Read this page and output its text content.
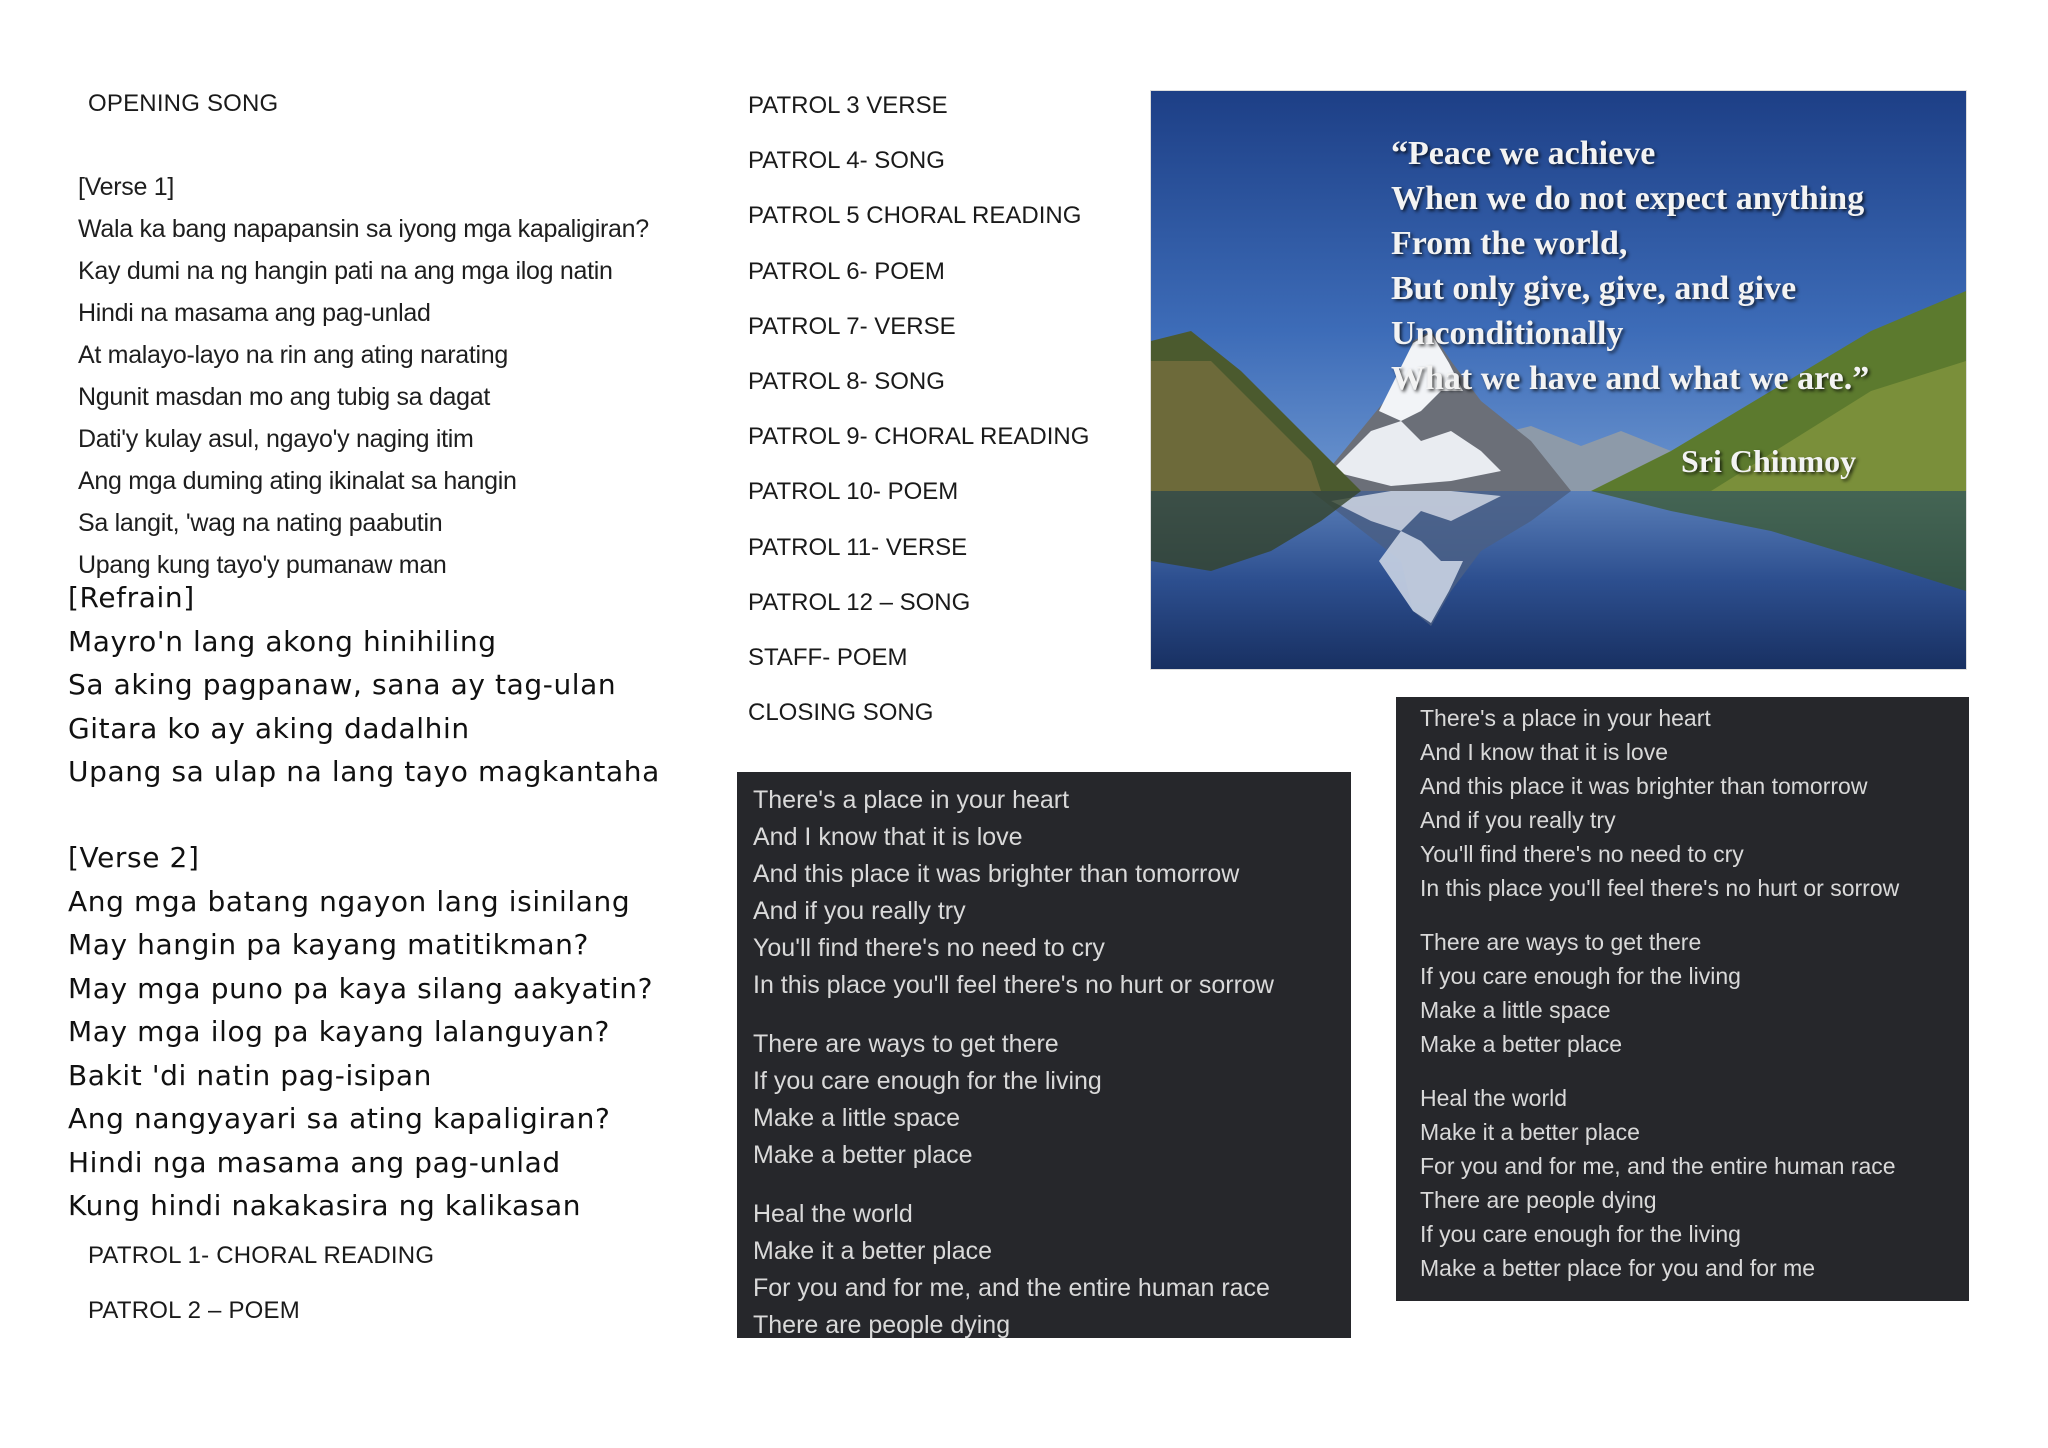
OPENING SONG

[Verse 1]

Wala ka bang napapansin sa iyong mga kapaligiran?

Kay dumi na ng hangin pati na ang mga ilog natin

Hindi na masama ang pag-unlad

At malayo-layo na rin ang ating narating

Ngunit masdan mo ang tubig sa dagat

Dati'y kulay asul, ngayo'y naging itim

Ang mga duming ating ikinalat sa hangin

Sa langit, 'wag na nating paabutin

Upang kung tayo'y pumanaw man

[Refrain]

Mayro'n lang akong hinihiling

Sa aking pagpanaw, sana ay tag-ulan

Gitara ko ay aking dadalhin

Upang sa ulap na lang tayo magkantaha

[Verse 2]

Ang mga batang ngayon lang isinilang

May hangin pa kayang matitikman?

May mga puno pa kaya silang aakyatin?

May mga ilog pa kayang lalanguyan?

Bakit 'di natin pag-isipan

Ang nangyayari sa ating kapaligiran?

Hindi nga masama ang pag-unlad

Kung hindi nakakasira ng kalikasan

PATROL 1- CHORAL READING
PATROL 2 – POEM
PATROL 3 VERSE
PATROL 4- SONG
PATROL 5 CHORAL READING
PATROL 6- POEM
PATROL 7- VERSE
PATROL 8- SONG
PATROL 9- CHORAL READING
PATROL 10- POEM
PATROL 11- VERSE
PATROL 12 – SONG
STAFF- POEM
CLOSING SONG

“Peace we achieve

When we do not expect anything

From the world,

But only give, give, and give

Unconditionally

What we have and what we are.”

Sri Chinmoy

There's a place in your heart

And I know that it is love

And this place it was brighter than tomorrow

And if you really try

You'll find there's no need to cry

In this place you'll feel there's no hurt or sorrow

There are ways to get there

If you care enough for the living

Make a little space

Make a better place

Heal the world

Make it a better place

For you and for me, and the entire human race

There are people dying

There's a place in your heart

And I know that it is love

And this place it was brighter than tomorrow

And if you really try

You'll find there's no need to cry

In this place you'll feel there's no hurt or sorrow

There are ways to get there

If you care enough for the living

Make a little space

Make a better place

Heal the world

Make it a better place

For you and for me, and the entire human race

There are people dying

If you care enough for the living

Make a better place for you and for me
